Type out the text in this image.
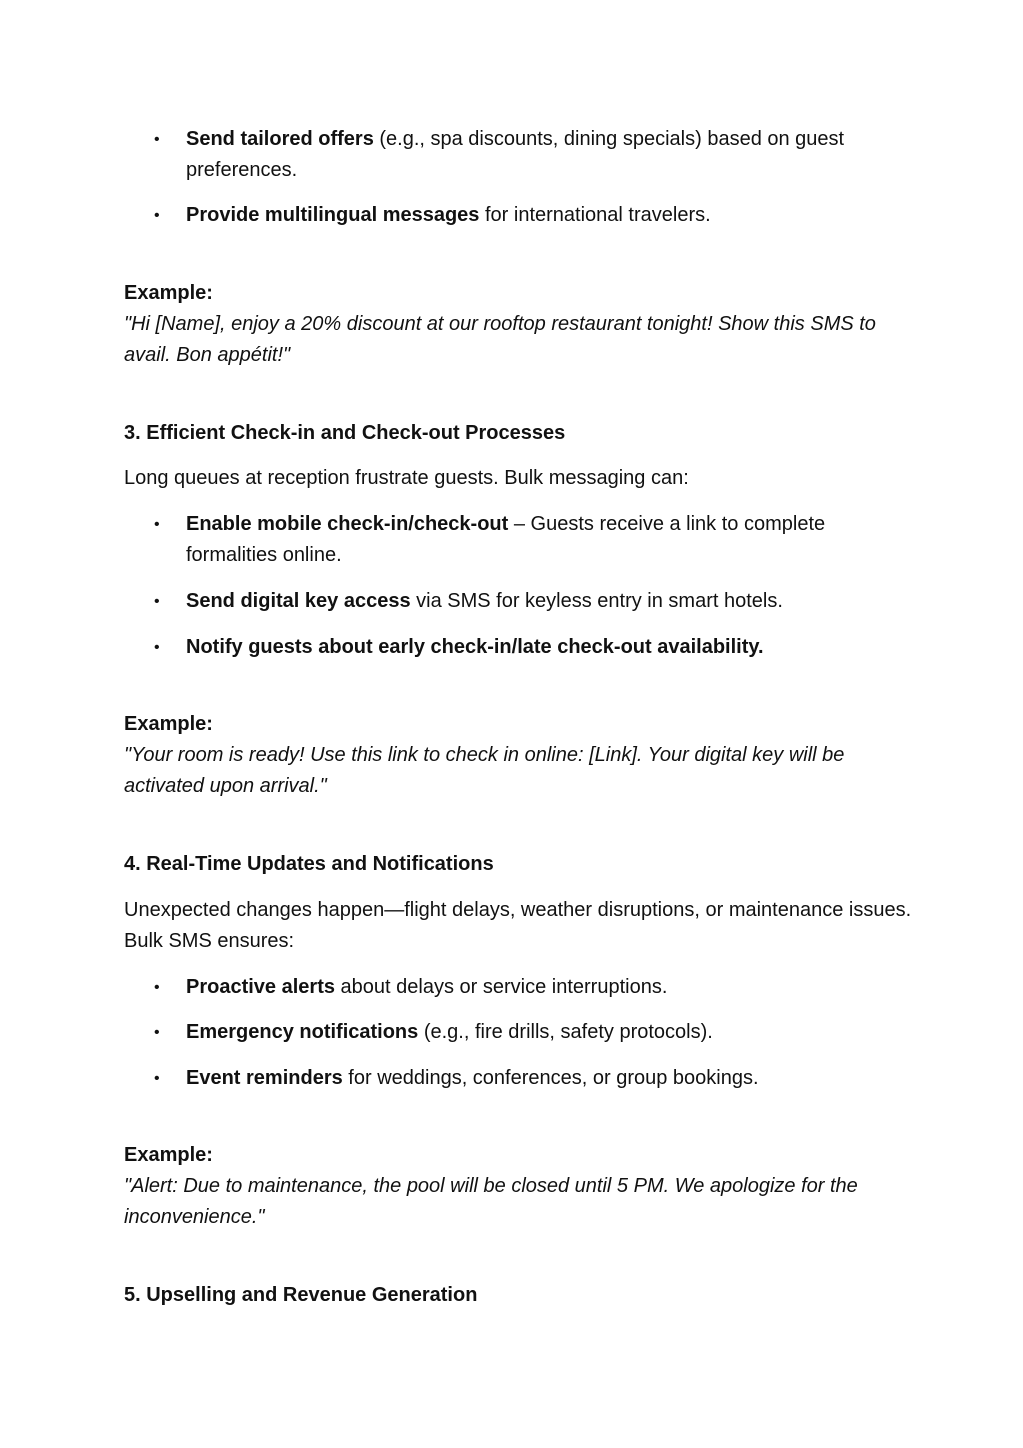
• Send tailored offers (e.g., spa discounts, dining specials) based on guest preferences.
• Provide multilingual messages for international travelers.
Example:
"Hi [Name], enjoy a 20% discount at our rooftop restaurant tonight! Show this SMS to avail. Bon appétit!"
3. Efficient Check-in and Check-out Processes
Long queues at reception frustrate guests. Bulk messaging can:
• Enable mobile check-in/check-out – Guests receive a link to complete formalities online.
• Send digital key access via SMS for keyless entry in smart hotels.
• Notify guests about early check-in/late check-out availability.
Example:
"Your room is ready! Use this link to check in online: [Link]. Your digital key will be activated upon arrival."
4. Real-Time Updates and Notifications
Unexpected changes happen—flight delays, weather disruptions, or maintenance issues. Bulk SMS ensures:
• Proactive alerts about delays or service interruptions.
• Emergency notifications (e.g., fire drills, safety protocols).
• Event reminders for weddings, conferences, or group bookings.
Example:
"Alert: Due to maintenance, the pool will be closed until 5 PM. We apologize for the inconvenience."
5. Upselling and Revenue Generation
